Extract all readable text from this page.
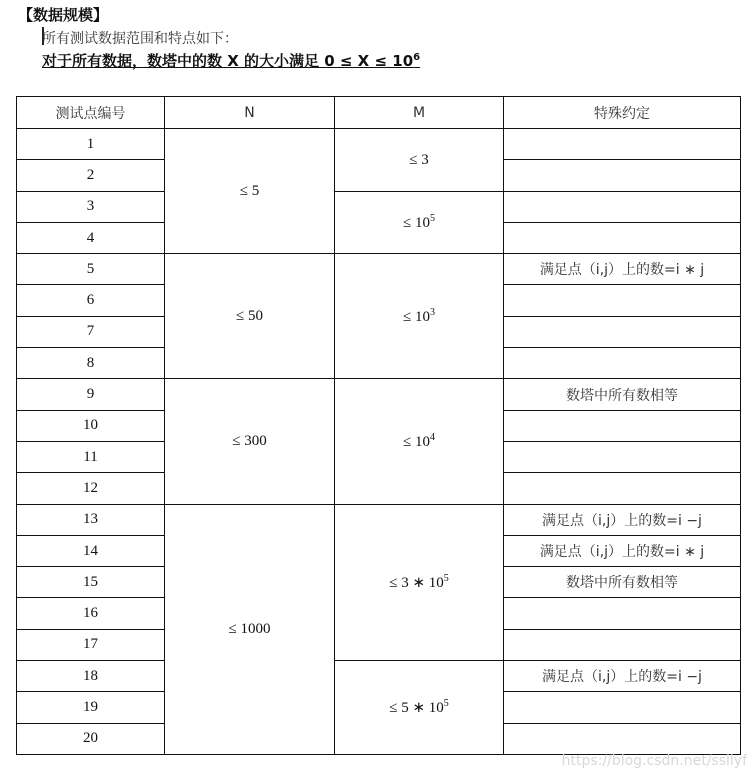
【数据规模】
所有测试数据范围和特点如下：
对于所有数据，数塔中的数 X 的大小满足 $0 \le X \le 10^6$
测试点编号	N	M	特殊约定
1	≤ 5	≤ 3	
2			
3		≤ $10^5$	
4			
5	≤ 50	≤ $10^3$	满足点（i,j）上的数=i ∗ j
6			
7			
8			
9	≤ 300	≤ $10^4$	数塔中所有数相等
10			
11			
12			
13	≤ 1000	≤ 3 ∗ $10^5$	满足点（i,j）上的数=i −j
14			满足点（i,j）上的数=i ∗ j
15			数塔中所有数相等
16			
17			
18		≤ 5 ∗ $10^5$	满足点（i,j）上的数=i −j
19			
20			
https://blog.csdn.net/ssllyf
